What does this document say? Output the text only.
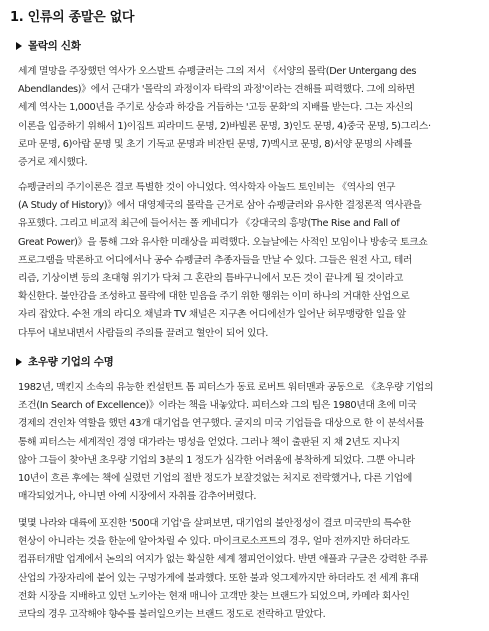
1. 인류의 종말은 없다
몰락의 신화
세계 멸망을 주장했던 역사가 오스발트 슈펭글러는 그의 저서 《서양의 몰락(Der Untergang des
Abendlandes)》에서 근대가 '몰락의 과정이자 타락의 과정'이라는 견해를 피력했다. 그에 의하면
세계 역사는 1,000년을 주기로 상승과 하강을 거듭하는 '고등 문화'의 지배를 받는다. 그는 자신의
이론을 입증하기 위해서 1)이집트 피라미드 문명, 2)바빌론 문명, 3)인도 문명, 4)중국 문명, 5)그리스·
로마 문명, 6)아랍 문명 및 초기 기독교 문명과 비잔틴 문명, 7)멕시코 문명, 8)서양 문명의 사례를
증거로 제시했다.
슈펭글러의 주기이론은 결코 특별한 것이 아니었다. 역사학자 아놀드 토인비는 《역사의 연구
(A Study of History)》에서 대영제국의 몰락을 근거로 삼아 슈펭글러와 유사한 결정론적 역사관을
유포했다. 그리고 비교적 최근에 들어서는 폴 케네디가 《강대국의 흥망(The Rise and Fall of
Great Power)》을 통해 그와 유사한 미래상을 피력했다. 오늘날에는 사적인 모임이나 방송국 토크쇼
프로그램을 막론하고 어디에서나 공수 슈펭글러 추종자들을 만날 수 있다. 그들은 원전 사고, 테러
리즘, 기상이변 등의 초대형 위기가 닥쳐 그 혼란의 틈바구니에서 모든 것이 끝나게 될 것이라고
확신한다. 불안감을 조성하고 몰락에 대한 믿음을 주기 위한 행위는 이미 하나의 거대한 산업으로
자리 잡았다. 수천 개의 라디오 채널과 TV 채널은 지구촌 어디에선가 일어난 허무맹랑한 일을 앞
다투어 내보내면서 사람들의 주의를 끌려고 혈안이 되어 있다.
초우량 기업의 수명
1982년, 맥킨지 소속의 유능한 컨설턴트 톰 피터스가 동료 로버트 워터맨과 공동으로 《초우량 기업의
조건(In Search of Excellence)》이라는 책을 내놓았다. 피터스와 그의 팀은 1980년대 초에 미국
경제의 견인차 역할을 했던 43개 대기업을 연구했다. 굴지의 미국 기업들을 대상으로 한 이 분석서를
통해 피터스는 세계적인 경영 대가라는 명성을 얻었다. 그러나 책이 출판된 지 채 2년도 지나지
않아 그들이 찾아낸 초우량 기업의 3분의 1 정도가 심각한 어려움에 봉착하게 되었다. 그뿐 아니라
10년이 흐른 후에는 책에 실렸던 기업의 절반 정도가 보잘것없는 처지로 전락했거나, 다른 기업에
매각되었거나, 아니면 아예 시장에서 자취를 감추어버렸다.
몇몇 나라와 대륙에 포진한 '500대 기업'을 살펴보면, 대기업의 불안정성이 결코 미국만의 특수한
현상이 아니라는 것을 한눈에 알아차릴 수 있다. 마이크로소프트의 경우, 얼마 전까지만 하더라도
컴퓨터개발 업계에서 논의의 여지가 없는 확실한 세계 챔피언이었다. 반면 애플과 구글은 강력한 주류
산업의 가장자리에 붙어 있는 구멍가게에 불과했다. 또한 불과 엊그제까지만 하더라도 전 세계 휴대
전화 시장을 지배하고 있던 노키아는 현재 매니아 고객만 찾는 브랜드가 되었으며, 카메라 회사인
코닥의 경우 고작해야 향수를 불러일으키는 브랜드 정도로 전락하고 말았다.
